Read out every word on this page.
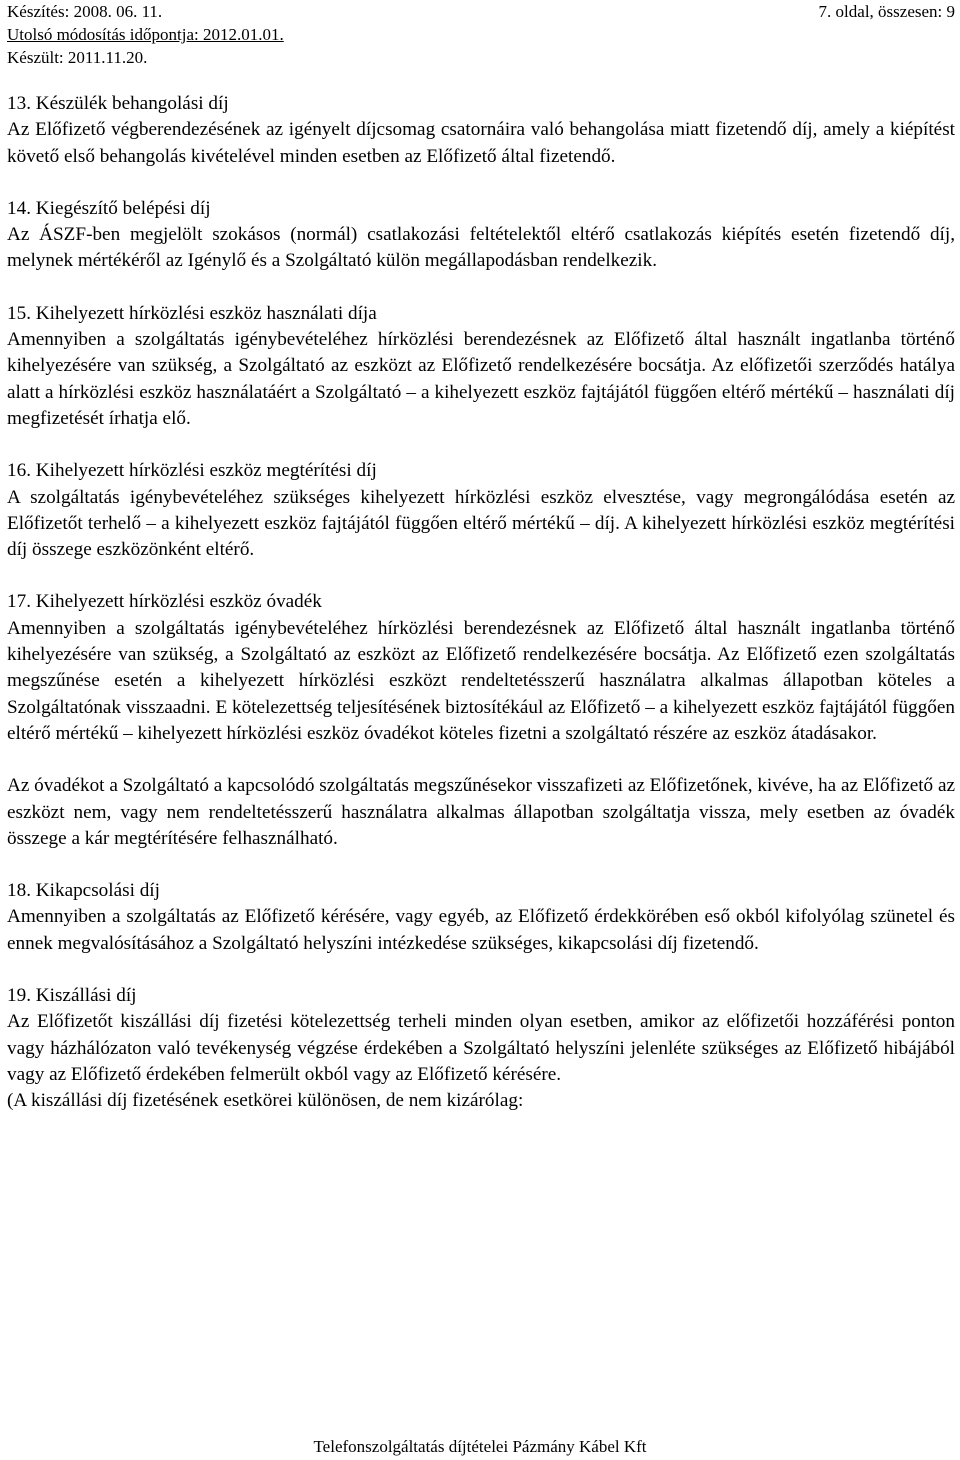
Készítés: 2008. 06. 11.	7. oldal, összesen: 9
Utolsó módosítás időpontja: 2012.01.01.
Készült: 2011.11.20.

13. Készülék behangolási díj

Az Előfizető végberendezésének az igényelt díjcsomag csatornáira való behangolása miatt fizetendő díj, amely a kiépítést követő első behangolás kivételével minden esetben az Előfizető által fizetendő.

14. Kiegészítő belépési díj

Az ÁSZF-ben megjelölt szokásos (normál) csatlakozási feltételektől eltérő csatlakozás kiépítés esetén fizetendő díj, melynek mértékéről az Igénylő és a Szolgáltató külön megállapodásban rendelkezik.

15. Kihelyezett hírközlési eszköz használati díja

Amennyiben a szolgáltatás igénybevételéhez hírközlési berendezésnek az Előfizető által használt ingatlanba történő kihelyezésére van szükség, a Szolgáltató az eszközt az Előfizető rendelkezésére bocsátja. Az előfizetői szerződés hatálya alatt a hírközlési eszköz használatáért a Szolgáltató – a kihelyezett eszköz fajtájától függően eltérő mértékű – használati díj megfizetését írhatja elő.

16. Kihelyezett hírközlési eszköz megtérítési díj

A szolgáltatás igénybevételéhez szükséges kihelyezett hírközlési eszköz elvesztése, vagy megrongálódása esetén az Előfizetőt terhelő – a kihelyezett eszköz fajtájától függően eltérő mértékű – díj. A kihelyezett hírközlési eszköz megtérítési díj összege eszközönként eltérő.

17. Kihelyezett hírközlési eszköz óvadék

Amennyiben a szolgáltatás igénybevételéhez hírközlési berendezésnek az Előfizető által használt ingatlanba történő kihelyezésére van szükség, a Szolgáltató az eszközt az Előfizető rendelkezésére bocsátja. Az Előfizető ezen szolgáltatás megszűnése esetén a kihelyezett hírközlési eszközt rendeltetésszerű használatra alkalmas állapotban köteles a Szolgáltatónak visszaadni. E kötelezettség teljesítésének biztosítékául az Előfizető – a kihelyezett eszköz fajtájától függően eltérő mértékű – kihelyezett hírközlési eszköz óvadékot köteles fizetni a szolgáltató részére az eszköz átadásakor.

Az óvadékot a Szolgáltató a kapcsolódó szolgáltatás megszűnésekor visszafizeti az Előfizetőnek, kivéve, ha az Előfizető az eszközt nem, vagy nem rendeltetésszerű használatra alkalmas állapotban szolgáltatja vissza, mely esetben az óvadék összege a kár megtérítésére felhasználható.

18. Kikapcsolási díj

Amennyiben a szolgáltatás az Előfizető kérésére, vagy egyéb, az Előfizető érdekkörében eső okból kifolyólag szünetel és ennek megvalósításához a Szolgáltató helyszíni intézkedése szükséges, kikapcsolási díj fizetendő.

19. Kiszállási díj

Az Előfizetőt kiszállási díj fizetési kötelezettség terheli minden olyan esetben, amikor az előfizetői hozzáférési ponton vagy házhálózaton való tevékenység végzése érdekében a Szolgáltató helyszíni jelenléte szükséges az Előfizető hibájából vagy az Előfizető érdekében felmerült okból vagy az Előfizető kérésére.

(A kiszállási díj fizetésének esetkörei különösen, de nem kizárólag:

Telefonszolgáltatás díjtételei Pázmány Kábel Kft
